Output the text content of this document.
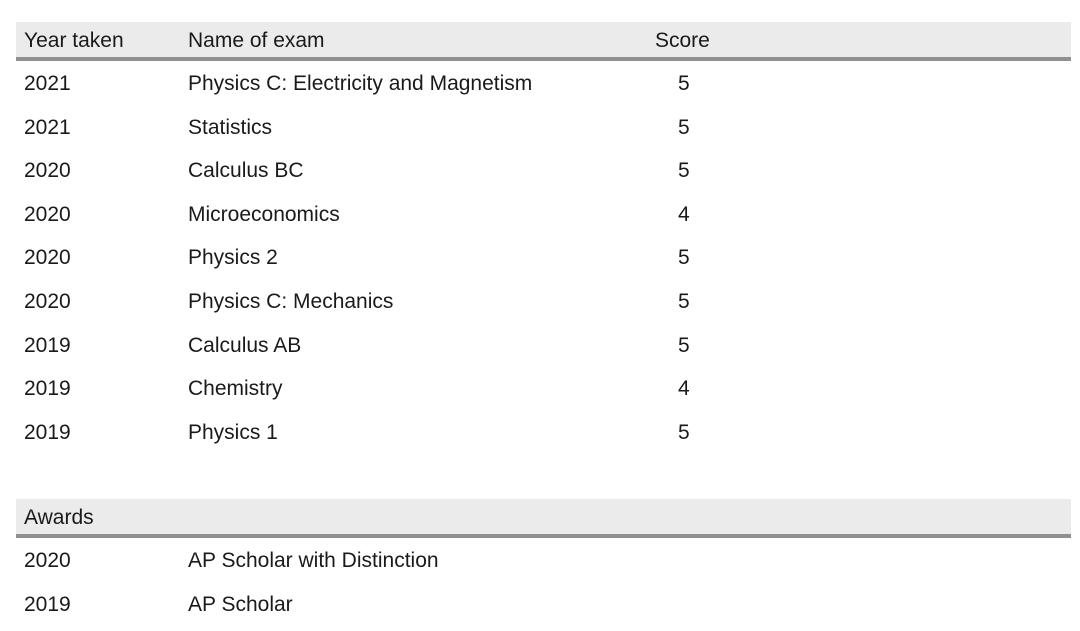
Year taken	Name of exam	Score
2021	Physics C: Electricity and Magnetism	5
2021	Statistics	5
2020	Calculus BC	5
2020	Microeconomics	4
2020	Physics 2	5
2020	Physics C: Mechanics	5
2019	Calculus AB	5
2019	Chemistry	4
2019	Physics 1	5
Awards
2020	AP Scholar with Distinction
2019	AP Scholar
